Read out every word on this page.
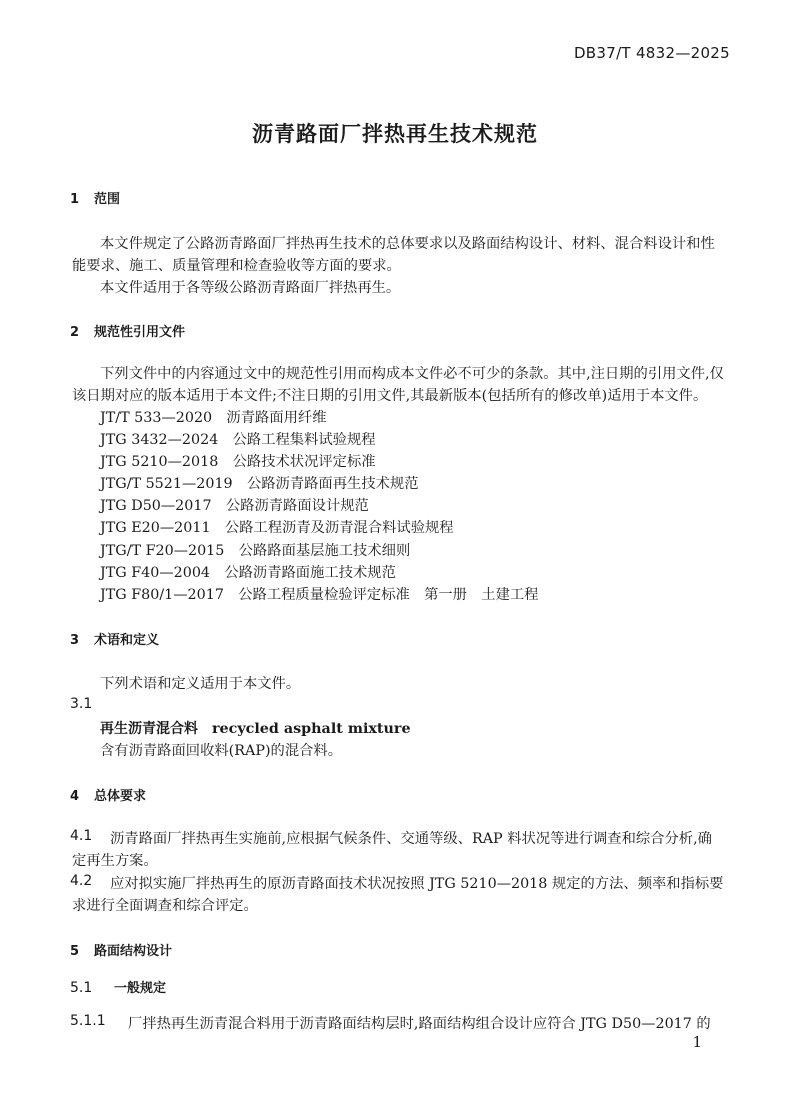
DB37/T 4832—2025
沥青路面厂拌热再生技术规范
1 范围
本文件规定了公路沥青路面厂拌热再生技术的总体要求以及路面结构设计、材料、混合料设计和性
能要求、施工、质量管理和检查验收等方面的要求。
本文件适用于各等级公路沥青路面厂拌热再生。
2 规范性引用文件
下列文件中的内容通过文中的规范性引用而构成本文件必不可少的条款。其中,注日期的引用文件,仅
该日期对应的版本适用于本文件;不注日期的引用文件,其最新版本(包括所有的修改单)适用于本文件。
JT/T 533—2020　沥青路面用纤维
JTG 3432—2024　公路工程集料试验规程
JTG 5210—2018　公路技术状况评定标准
JTG/T 5521—2019　公路沥青路面再生技术规范
JTG D50—2017　公路沥青路面设计规范
JTG E20—2011　公路工程沥青及沥青混合料试验规程
JTG/T F20—2015　公路路面基层施工技术细则
JTG F40—2004　公路沥青路面施工技术规范
JTG F80/1—2017　公路工程质量检验评定标准　第一册　土建工程
3 术语和定义
下列术语和定义适用于本文件。
3.1
再生沥青混合料 recycled asphalt mixture
含有沥青路面回收料(RAP)的混合料。
4 总体要求
4.1 沥青路面厂拌热再生实施前,应根据气候条件、交通等级、RAP 料状况等进行调查和综合分析,确
定再生方案。
4.2 应对拟实施厂拌热再生的原沥青路面技术状况按照 JTG 5210—2018 规定的方法、频率和指标要
求进行全面调查和综合评定。
5 路面结构设计
5.1 一般规定
5.1.1 厂拌热再生沥青混合料用于沥青路面结构层时,路面结构组合设计应符合 JTG D50—2017 的
1
